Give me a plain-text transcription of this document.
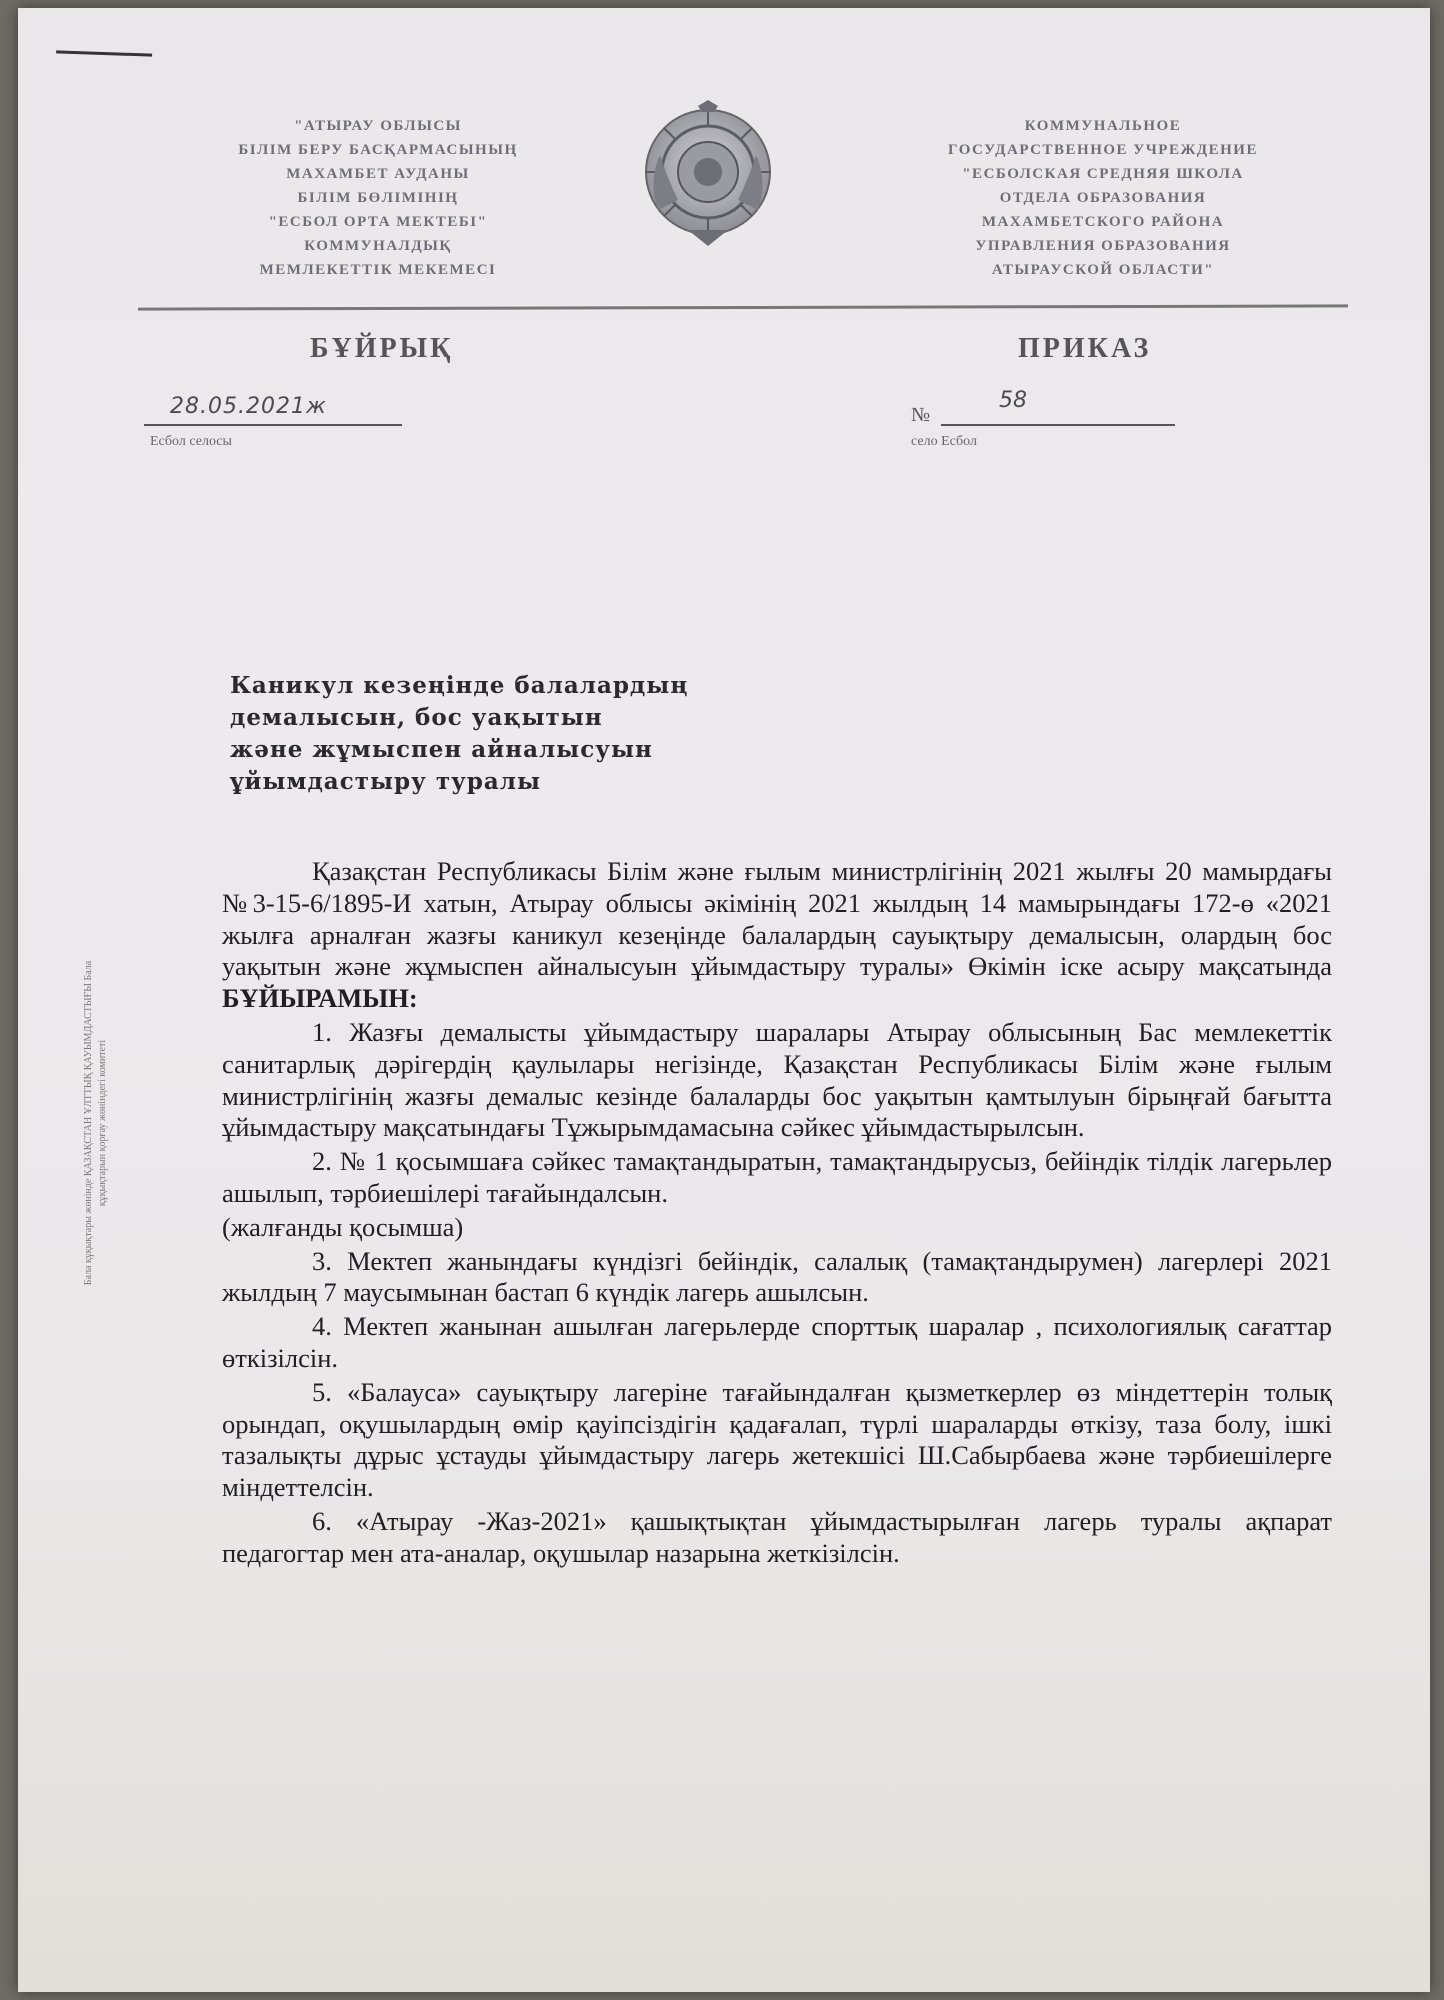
"АТЫРАУ ОБЛЫСЫ
БІЛІМ БЕРУ БАСҚАРМАСЫНЫҢ
МАХАМБЕТ АУДАНЫ
БІЛІМ БӨЛІМІНІҢ
"ЕСБОЛ ОРТА МЕКТЕБІ"
КОММУНАЛДЫҚ
МЕМЛЕКЕТТІК МЕКЕМЕСІ
КОММУНАЛЬНОЕ
ГОСУДАРСТВЕННОЕ УЧРЕЖДЕНИЕ
"ЕСБОЛСКАЯ СРЕДНЯЯ ШКОЛА
ОТДЕЛА ОБРАЗОВАНИЯ
МАХАМБЕТСКОГО РАЙОНА
УПРАВЛЕНИЯ ОБРАЗОВАНИЯ
АТЫРАУСКОЙ ОБЛАСТИ"
БҰЙРЫҚ	ПРИКАЗ
28.05.2021ж
Есбол селосы
№
58
село Есбол
Бала құқықтары жөнінде ҚАЗАҚСТАН ҰЛТТЫҚ ҚАУЫМДАСТЫҒЫ Бала құқықтарын қорғау жөніндегі комитеті
Каникул кезеңінде балалардың
демалысын, бос уақытын
және жұмыспен айналысуын
ұйымдастыру туралы

Қазақстан Республикасы Білім және ғылым министрлігінің 2021 жылғы 20 мамырдағы №3-15-6/1895-И хатын, Атырау облысы әкімінің 2021 жылдың 14 мамырындағы 172-ө «2021 жылға арналған жазғы каникул кезеңінде балалардың сауықтыру демалысын, олардың бос уақытын және жұмыспен айналысуын ұйымдастыру туралы» Өкімін іске асыру мақсатында БҰЙЫРАМЫН:

1. Жазғы демалысты ұйымдастыру шаралары Атырау облысының Бас мемлекеттік санитарлық дәрігердің қаулылары негізінде, Қазақстан Республикасы Білім және ғылым министрлігінің жазғы демалыс кезінде балаларды бос уақытын қамтылуын бірыңғай бағытта ұйымдастыру мақсатындағы Тұжырымдамасына сәйкес ұйымдастырылсын.

2. № 1 қосымшаға сәйкес тамақтандыратын, тамақтандырусыз, бейіндік тілдік лагерьлер ашылып, тәрбиешілері тағайындалсын.

(жалғанды қосымша)

3. Мектеп жанындағы күндізгі бейіндік, салалық (тамақтандырумен) лагерлері 2021 жылдың 7 маусымынан бастап 6 күндік лагерь ашылсын.

4. Мектеп жанынан ашылған лагерьлерде спорттық шаралар , психологиялық сағаттар өткізілсін.

5. «Балауса» сауықтыру лагеріне тағайындалған қызметкерлер өз міндеттерін толық орындап, оқушылардың өмір қауіпсіздігін қадағалап, түрлі шараларды өткізу, таза болу, ішкі тазалықты дұрыс ұстауды ұйымдастыру лагерь жетекшісі Ш.Сабырбаева және тәрбиешілерге міндеттелсін.

6. «Атырау -Жаз-2021» қашықтықтан ұйымдастырылған лагерь туралы ақпарат педагогтар мен ата-аналар, оқушылар назарына жеткізілсін.
